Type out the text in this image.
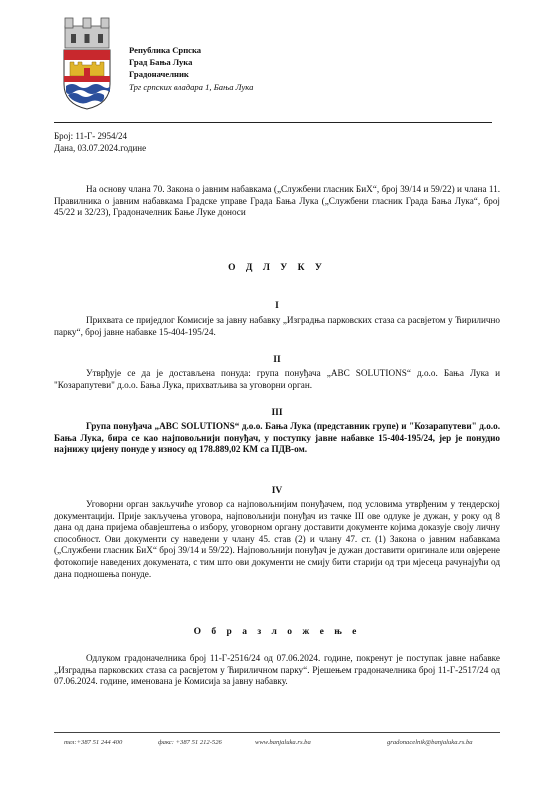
Република Српска
Град Бања Лука
Градоначелник
Трг српских владара 1, Бања Лука
Број: 11-Г- 2954/24
Дана, 03.07.2024.године
На основу члана 70. Закона о јавним набавкама („Службени гласник БиХ“, број 39/14 и 59/22) и члана 11. Правилника о јавним набавкама Градске управе Града Бања Лука („Службени гласник Града Бања Лука“, број 45/22 и 32/23), Градоначелник Бање Луке доноси
О Д Л У К У
I
Прихвата се приједлог Комисије за јавну набавку „Изградња парковских стаза са расвјетом у Ћирилично парку“, број јавне набавке 15-404-195/24.
II
Утврђује се да је достављена понуда: група понуђача „ABC SOLUTIONS“ д.о.о. Бања Лука и "Козарапутеви" д.о.о. Бања Лука, прихватљива за уговорни орган.
III
Група понуђача „ABC SOLUTIONS“ д.о.о. Бања Лука (представник групе) и "Козарапутеви" д.о.о. Бања Лука, бира се као најповољнији понуђач, у поступку јавне набавке 15-404-195/24, јер је понудио најнижу цијену понуде у износу од 178.889,02 КМ са ПДВ-ом.
IV
Уговорни орган закључиће уговор са најповољнијим понуђачем, под условима утврђеним у тендерској документацији. Прије закључења уговора, најповољнији понуђач из тачке III ове одлуке је дужан, у року од 8 дана од дана пријема обавјештења о избору, уговорном органу доставити документе којима доказује своју личну способност. Ови документи су наведени у члану 45. став (2) и члану 47. ст. (1) Закона о јавним набавкама („Службени гласник БиХ“ број 39/14 и 59/22). Најповољнији понуђач је дужан доставити оригинале или овјерене фотокопије наведених докумената, с тим што ови документи не смију бити старији од три мјесеца рачунајући од дана подношења понуде.
О б р а з л о ж е њ е
Одлуком градоначелника број 11-Г-2516/24 од 07.06.2024. године, покренут је поступак јавне набавке „Изградња парковских стаза са расвјетом у Ћириличном парку“. Рјешењем градоначелника број 11-Г-2517/24 од 07.06.2024. године, именована је Комисија за јавну набавку.
тел:+387 51 244 400	факс: +387 51 212-526	www.banjaluka.rs.ba	gradonacelnik@banjaluka.rs.ba
